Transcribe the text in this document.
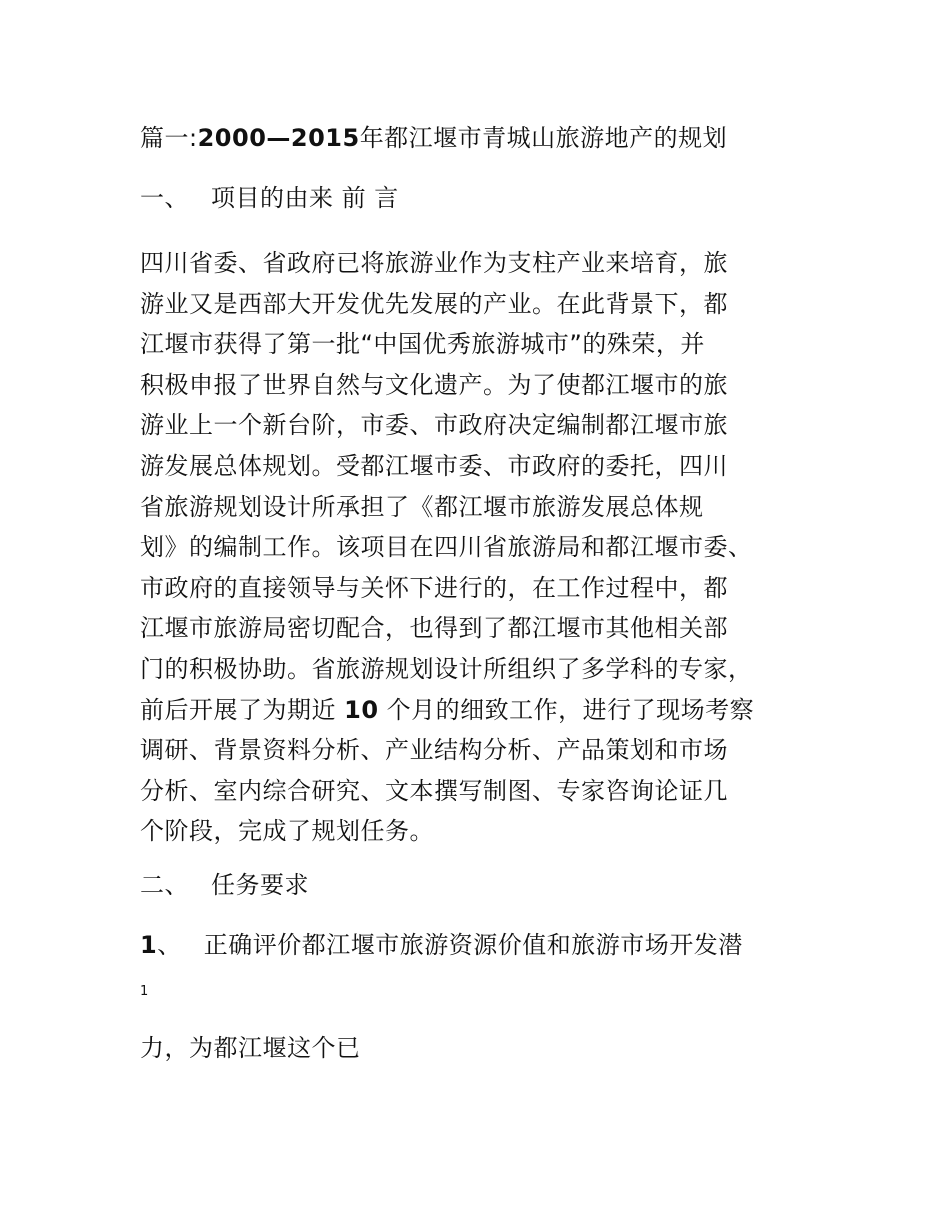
篇一:2000—2015年都江堰市青城山旅游地产的规划
一、 项目的由来 前 言
四川省委、省政府已将旅游业作为支柱产业来培育，旅
游业又是西部大开发优先发展的产业。在此背景下，都
江堰市获得了第一批“中国优秀旅游城市”的殊荣，并
积极申报了世界自然与文化遗产。为了使都江堰市的旅
游业上一个新台阶，市委、市政府决定编制都江堰市旅
游发展总体规划。受都江堰市委、市政府的委托，四川
省旅游规划设计所承担了《都江堰市旅游发展总体规
划》的编制工作。该项目在四川省旅游局和都江堰市委、
市政府的直接领导与关怀下进行的，在工作过程中，都
江堰市旅游局密切配合，也得到了都江堰市其他相关部
门的积极协助。省旅游规划设计所组织了多学科的专家，
前后开展了为期近 10 个月的细致工作，进行了现场考察
调研、背景资料分析、产业结构分析、产品策划和市场
分析、室内综合研究、文本撰写制图、专家咨询论证几
个阶段，完成了规划任务。
二、 任务要求
1、 正确评价都江堰市旅游资源价值和旅游市场开发潜
1
力，为都江堰这个已
